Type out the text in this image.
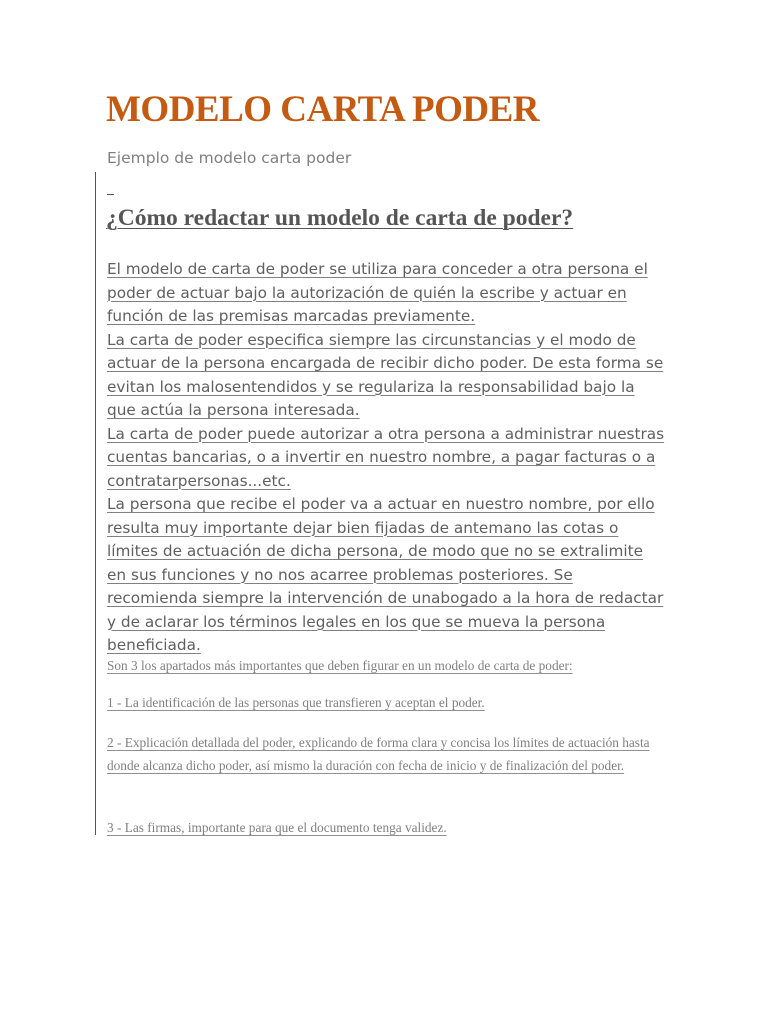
MODELO CARTA PODER

Ejemplo de modelo carta poder

¿Cómo redactar un modelo de carta de poder?

El modelo de carta de poder se utiliza para conceder a otra persona el poder de actuar bajo la autorización de quién la escribe y actuar en función de las premisas marcadas previamente.

La carta de poder especifica siempre las circunstancias y el modo de actuar de la persona encargada de recibir dicho poder. De esta forma se evitan los malosentendidos y se regulariza la responsabilidad bajo la que actúa la persona interesada.

La carta de poder puede autorizar a otra persona a administrar nuestras cuentas bancarias, o a invertir en nuestro nombre, a pagar facturas o a contratarpersonas...etc.

La persona que recibe el poder va a actuar en nuestro nombre, por ello resulta muy importante dejar bien fijadas de antemano las cotas o límites de actuación de dicha persona, de modo que no se extralimite en sus funciones y no nos acarree problemas posteriores. Se recomienda siempre la intervención de unabogado a la hora de redactar y de aclarar los términos legales en los que se mueva la persona beneficiada.

Son 3 los apartados más importantes que deben figurar en un modelo de carta de poder:

1 - La identificación de las personas que transfieren y aceptan el poder.

2 - Explicación detallada del poder, explicando de forma clara y concisa los límites de actuación hasta donde alcanza dicho poder, así mismo la duración con fecha de inicio y de finalización del poder.

3 - Las firmas, importante para que el documento tenga validez.
